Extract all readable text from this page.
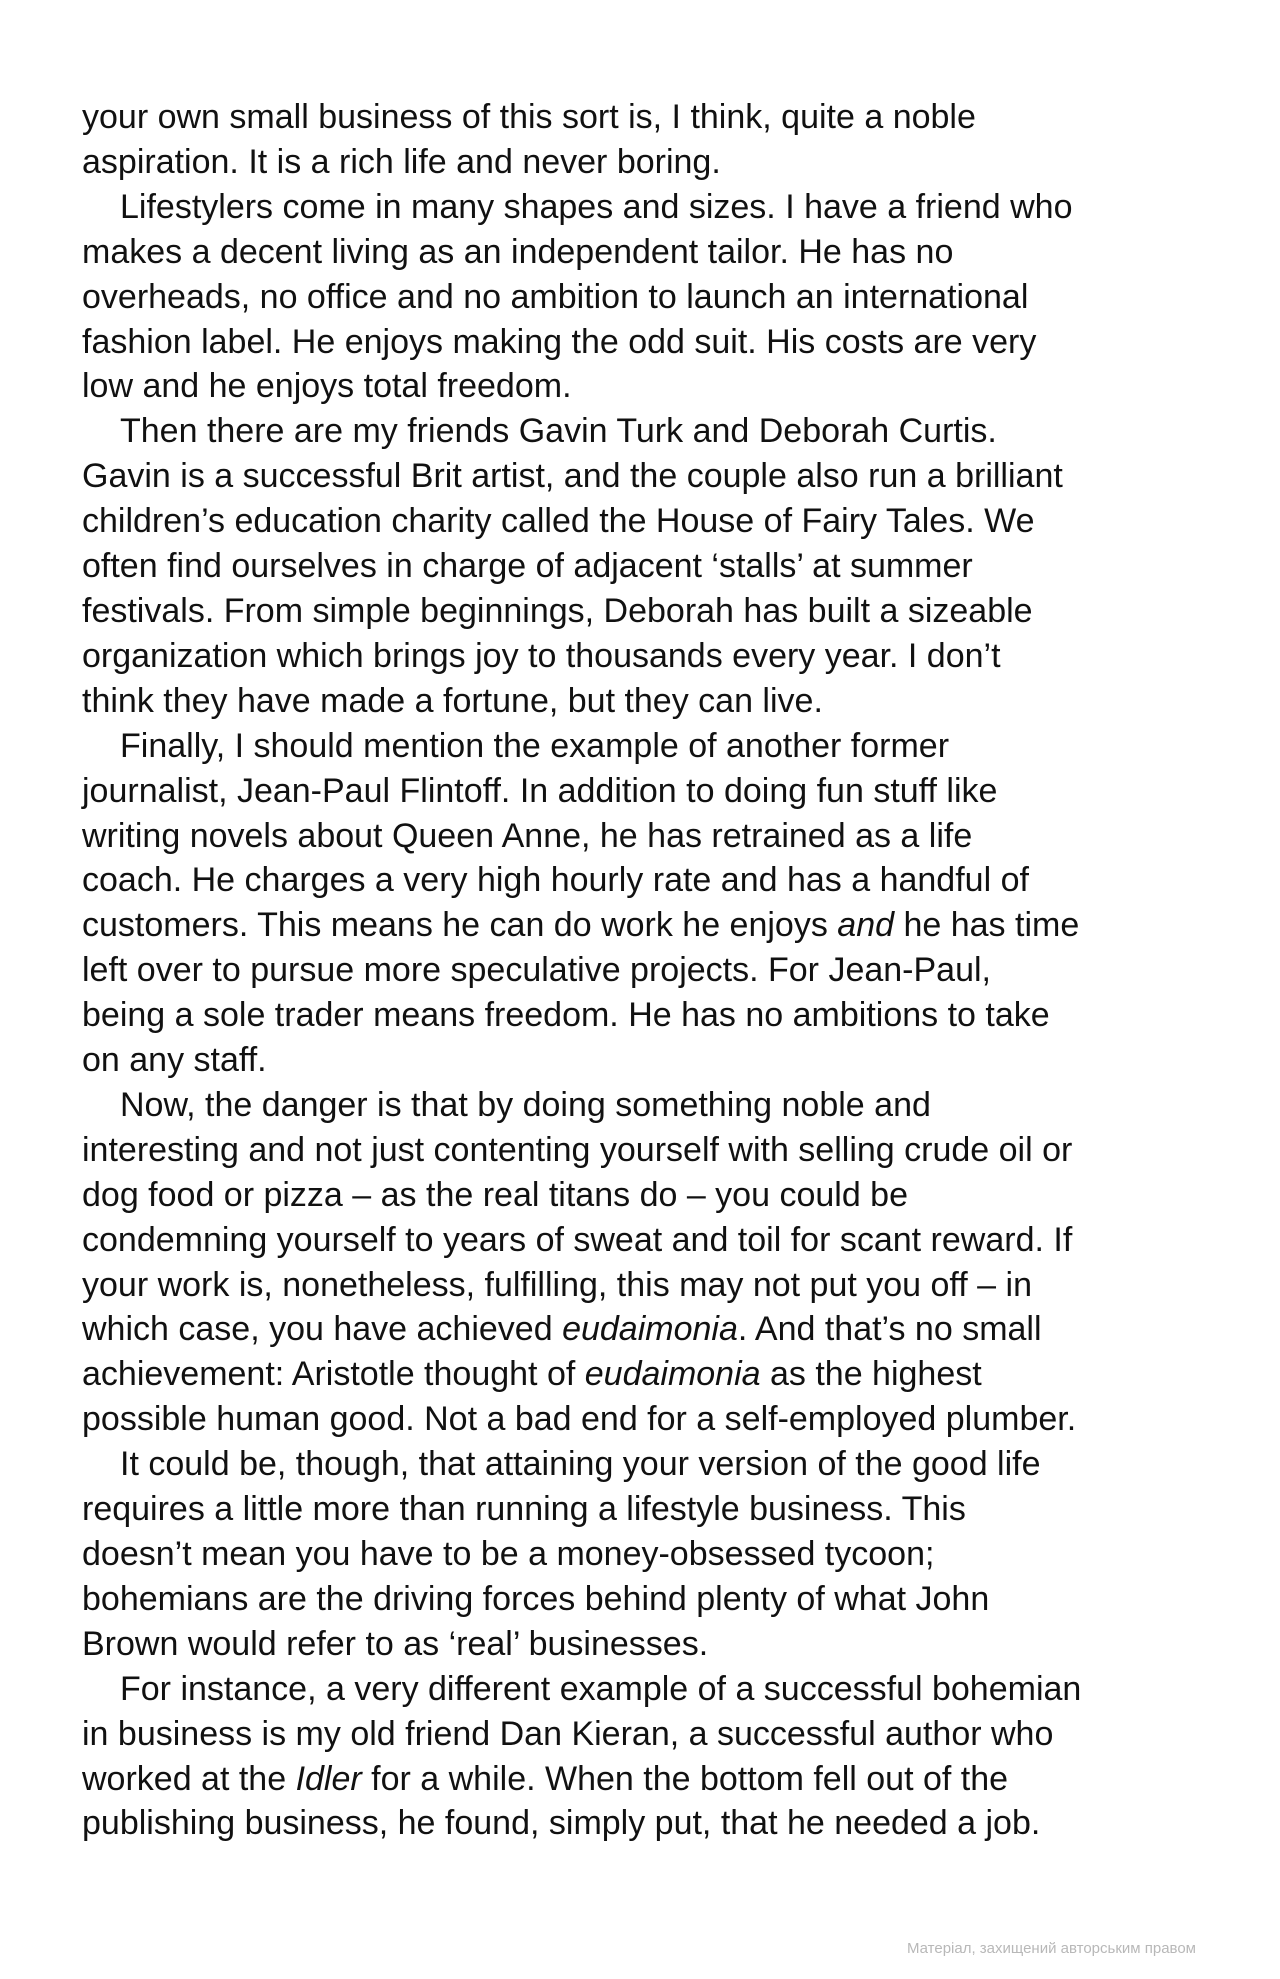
your own small business of this sort is, I think, quite a noble
aspiration. It is a rich life and never boring.

Lifestylers come in many shapes and sizes. I have a friend who
makes a decent living as an independent tailor. He has no
overheads, no office and no ambition to launch an international
fashion label. He enjoys making the odd suit. His costs are very
low and he enjoys total freedom.

Then there are my friends Gavin Turk and Deborah Curtis.
Gavin is a successful Brit artist, and the couple also run a brilliant
children’s education charity called the House of Fairy Tales. We
often find ourselves in charge of adjacent ‘stalls’ at summer
festivals. From simple beginnings, Deborah has built a sizeable
organization which brings joy to thousands every year. I don’t
think they have made a fortune, but they can live.

Finally, I should mention the example of another former
journalist, Jean-Paul Flintoff. In addition to doing fun stuff like
writing novels about Queen Anne, he has retrained as a life
coach. He charges a very high hourly rate and has a handful of
customers. This means he can do work he enjoys and he has time
left over to pursue more speculative projects. For Jean-Paul,
being a sole trader means freedom. He has no ambitions to take
on any staff.

Now, the danger is that by doing something noble and
interesting and not just contenting yourself with selling crude oil or
dog food or pizza – as the real titans do – you could be
condemning yourself to years of sweat and toil for scant reward. If
your work is, nonetheless, fulfilling, this may not put you off – in
which case, you have achieved eudaimonia. And that’s no small
achievement: Aristotle thought of eudaimonia as the highest
possible human good. Not a bad end for a self-employed plumber.

It could be, though, that attaining your version of the good life
requires a little more than running a lifestyle business. This
doesn’t mean you have to be a money-obsessed tycoon;
bohemians are the driving forces behind plenty of what John
Brown would refer to as ‘real’ businesses.

For instance, a very different example of a successful bohemian
in business is my old friend Dan Kieran, a successful author who
worked at the Idler for a while. When the bottom fell out of the
publishing business, he found, simply put, that he needed a job.

Матеріал, захищений авторським правом
